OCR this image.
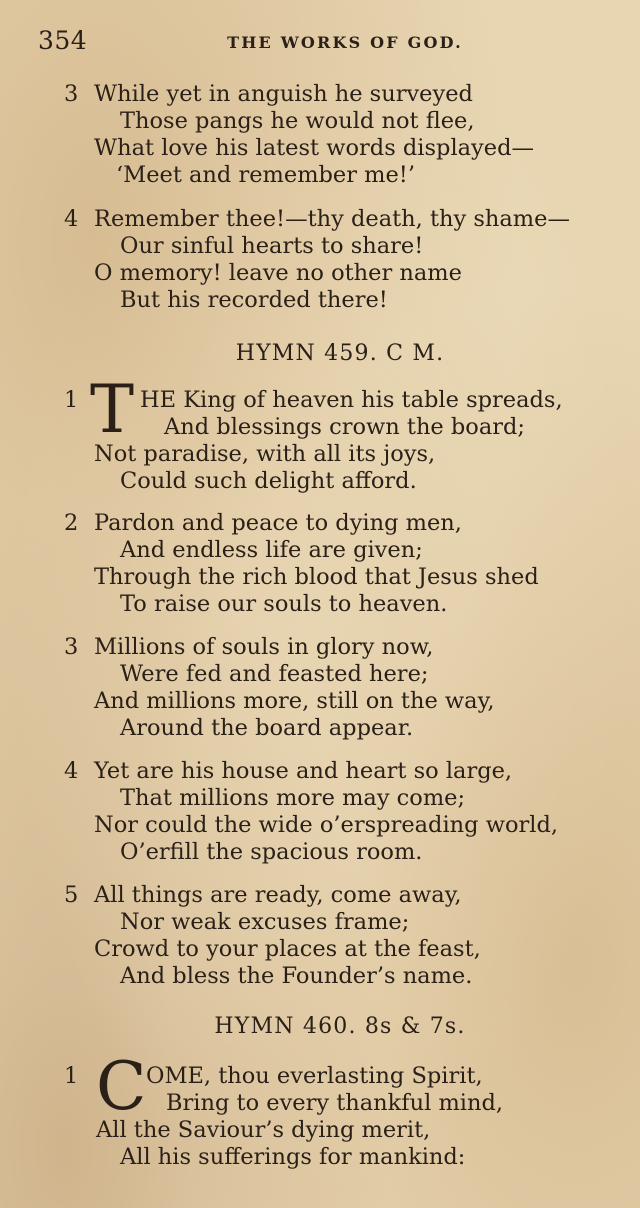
354	THE WORKS OF GOD.
3 While yet in anguish he surveyed
Those pangs he would not flee,
What love his latest words displayed—
‘Meet and remember me!’
4 Remember thee!—thy death, thy shame—
Our sinful hearts to share!
O memory! leave no other name
But his recorded there!
HYMN 459. C M.
1 T HE King of heaven his table spreads,
And blessings crown the board;
Not paradise, with all its joys,
Could such delight afford.
2 Pardon and peace to dying men,
And endless life are given;
Through the rich blood that Jesus shed
To raise our souls to heaven.
3 Millions of souls in glory now,
Were fed and feasted here;
And millions more, still on the way,
Around the board appear.
4 Yet are his house and heart so large,
That millions more may come;
Nor could the wide o’erspreading world,
O’erfill the spacious room.
5 All things are ready, come away,
Nor weak excuses frame;
Crowd to your places at the feast,
And bless the Founder’s name.
HYMN 460. 8s & 7s.
1 C OME, thou everlasting Spirit,
Bring to every thankful mind,
All the Saviour’s dying merit,
All his sufferings for mankind:
